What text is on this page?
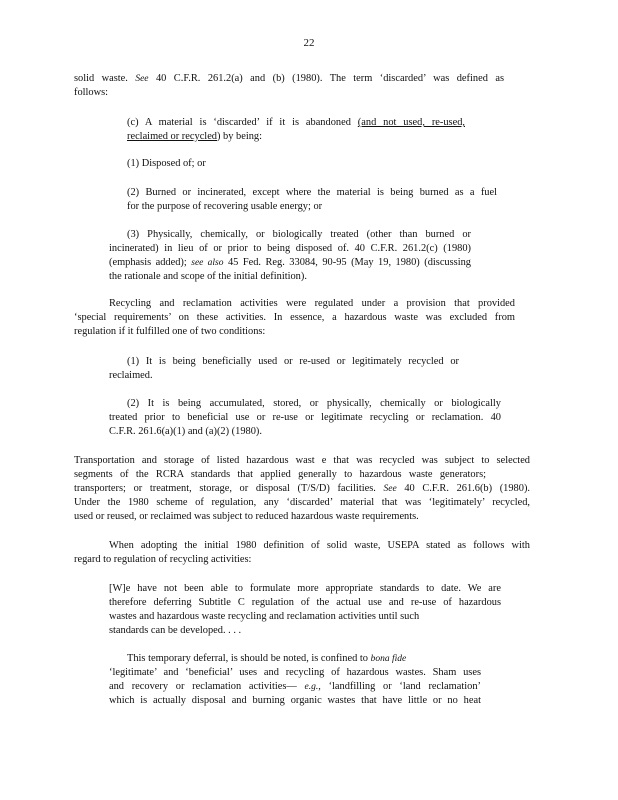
22
solid waste. See 40 C.F.R. 261.2(a) and (b) (1980). The term ‘discarded’ was defined as
follows:
(c) A material is ‘discarded’ if it is abandoned (and not used, re-used,
reclaimed or recycled) by being:
(1) Disposed of; or
(2) Burned or incinerated, except where the material is being burned as a fuel
for the purpose of recovering usable energy; or
(3) Physically, chemically, or biologically treated (other than burned or
incinerated) in lieu of or prior to being disposed of. 40 C.F.R. 261.2(c) (1980)
(emphasis added); see also 45 Fed. Reg. 33084, 90-95 (May 19, 1980) (discussing
the rationale and scope of the initial definition).
Recycling and reclamation activities were regulated under a provision that provided
‘special requirements’ on these activities. In essence, a hazardous waste was excluded from
regulation if it fulfilled one of two conditions:
(1) It is being beneficially used or re-used or legitimately recycled or
reclaimed.
(2) It is being accumulated, stored, or physically, chemically or biologically
treated prior to beneficial use or re-use or legitimate recycling or reclamation. 40
C.F.R. 261.6(a)(1) and (a)(2) (1980).
Transportation and storage of listed hazardous wast e that was recycled was subject to selected
segments of the RCRA standards that applied generally to hazardous waste generators;
transporters; or treatment, storage, or disposal (T/S/D) facilities. See 40 C.F.R. 261.6(b) (1980).
Under the 1980 scheme of regulation, any ‘discarded’ material that was ‘legitimately’ recycled,
used or reused, or reclaimed was subject to reduced hazardous waste requirements.
When adopting the initial 1980 definition of solid waste, USEPA stated as follows with
regard to regulation of recycling activities:
[W]e have not been able to formulate more appropriate standards to date. We are
therefore deferring Subtitle C regulation of the actual use and re-use of hazardous
wastes and hazardous waste recycling and reclamation activities until such
standards can be developed. . . .
This temporary deferral, is should be noted, is confined to bona fide
‘legitimate’ and ‘beneficial’ uses and recycling of hazardous wastes. Sham uses
and recovery or reclamation activities— e.g., ‘landfilling or ‘land reclamation’
which is actually disposal and burning organic wastes that have little or no heat
